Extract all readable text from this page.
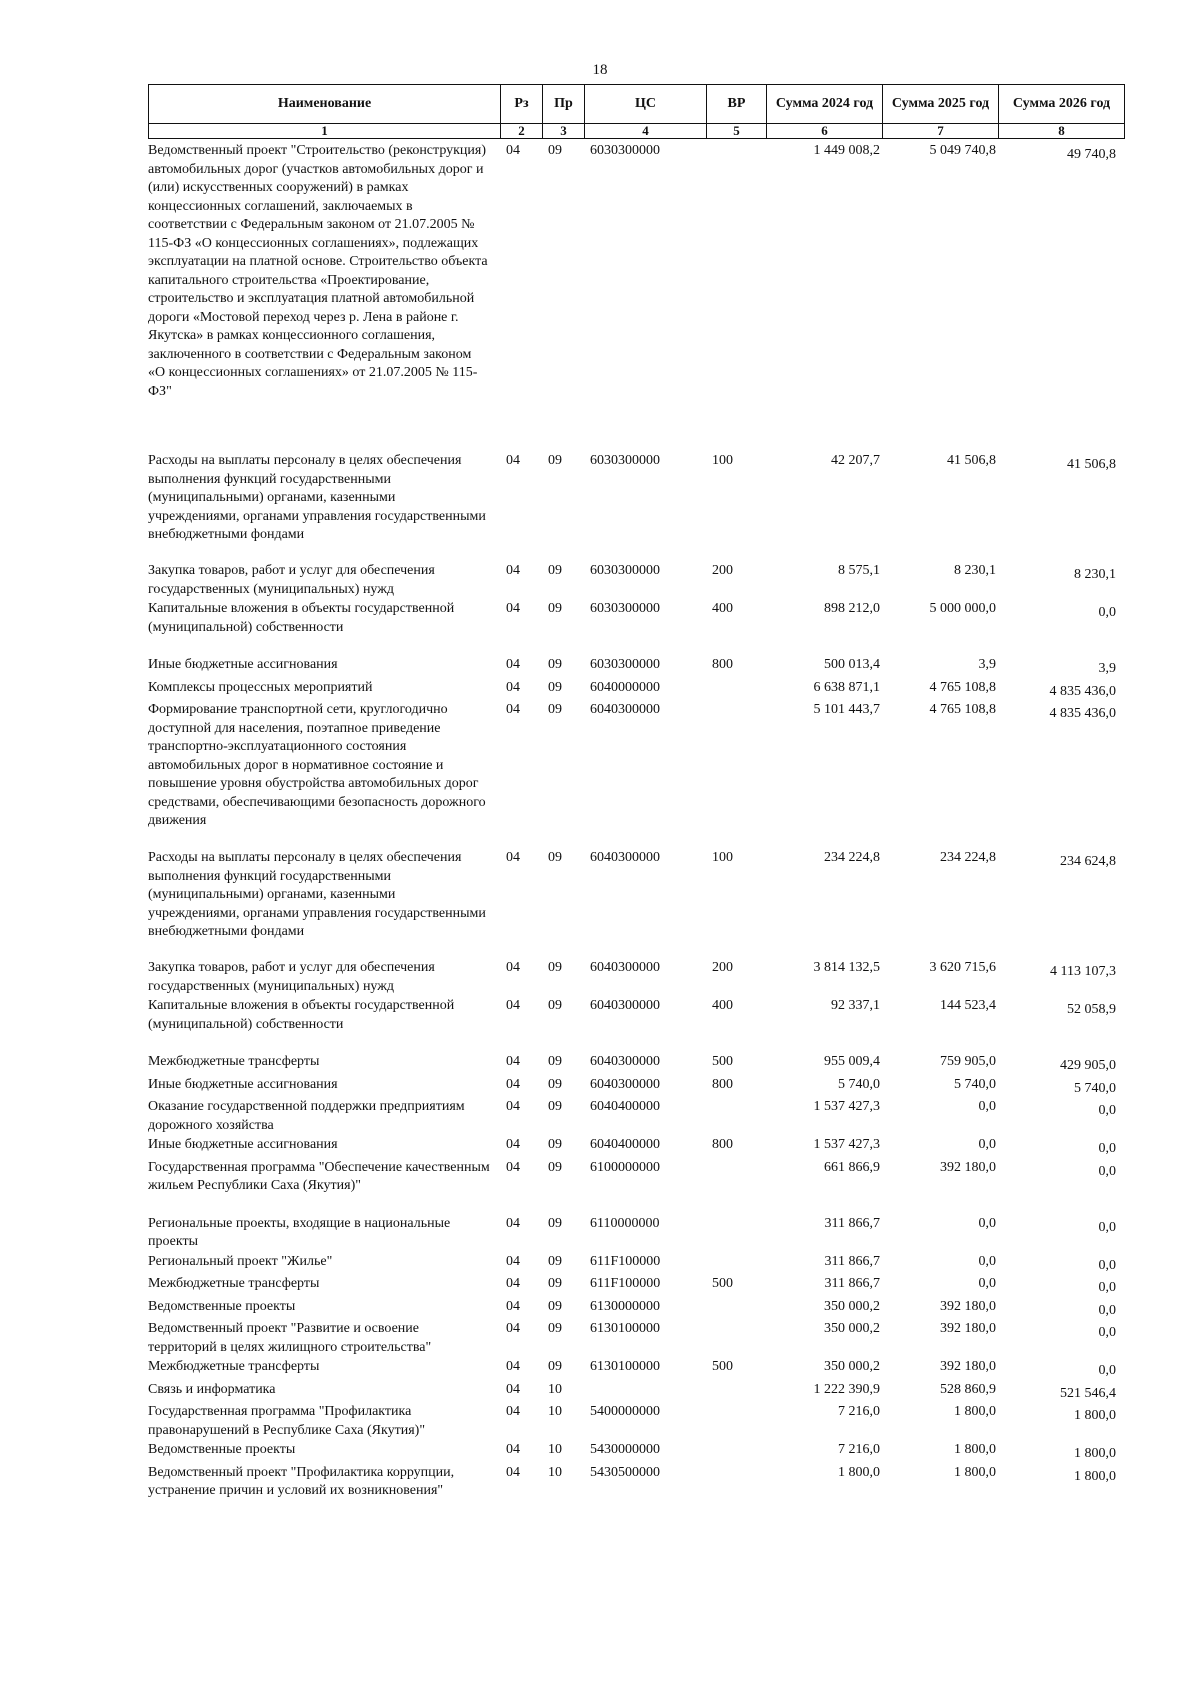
18
Наименование	Рз	Пр	ЦС	ВР	Сумма 2024 год	Сумма 2025 год	Сумма 2026 год
1	2	3	4	5	6	7	8
Ведомственный проект "Строительство (реконструкция) автомобильных дорог (участков автомобильных дорог и (или) искусственных сооружений) в рамках концессионных соглашений, заключаемых в соответствии с Федеральным законом от 21.07.2005 № 115-ФЗ «О концессионных соглашениях», подлежащих эксплуатации на платной основе. Строительство объекта капитального строительства «Проектирование, строительство и эксплуатация платной автомобильной дороги «Мостовой переход через р. Лена в районе г. Якутска» в рамках концессионного соглашения, заключенного в соответствии с Федеральным законом «О концессионных соглашениях» от 21.07.2005 № 115-ФЗ"	04	09	6030300000		1 449 008,2	5 049 740,8	49 740,8
Расходы на выплаты персоналу в целях обеспечения выполнения функций государственными (муниципальными) органами, казенными учреждениями, органами управления государственными внебюджетными фондами	04	09	6030300000	100	42 207,7	41 506,8	41 506,8
Закупка товаров, работ и услуг для обеспечения государственных (муниципальных) нужд	04	09	6030300000	200	8 575,1	8 230,1	8 230,1
Капитальные вложения в объекты государственной (муниципальной) собственности	04	09	6030300000	400	898 212,0	5 000 000,0	0,0
Иные бюджетные ассигнования	04	09	6030300000	800	500 013,4	3,9	3,9
Комплексы процессных мероприятий	04	09	6040000000		6 638 871,1	4 765 108,8	4 835 436,0
Формирование транспортной сети, круглогодично доступной для населения, поэтапное приведение транспортно-эксплуатационного состояния автомобильных дорог в нормативное состояние и повышение уровня обустройства автомобильных дорог средствами, обеспечивающими безопасность дорожного движения	04	09	6040300000		5 101 443,7	4 765 108,8	4 835 436,0
Расходы на выплаты персоналу в целях обеспечения выполнения функций государственными (муниципальными) органами, казенными учреждениями, органами управления государственными внебюджетными фондами	04	09	6040300000	100	234 224,8	234 224,8	234 624,8
Закупка товаров, работ и услуг для обеспечения государственных (муниципальных) нужд	04	09	6040300000	200	3 814 132,5	3 620 715,6	4 113 107,3
Капитальные вложения в объекты государственной (муниципальной) собственности	04	09	6040300000	400	92 337,1	144 523,4	52 058,9
Межбюджетные трансферты	04	09	6040300000	500	955 009,4	759 905,0	429 905,0
Иные бюджетные ассигнования	04	09	6040300000	800	5 740,0	5 740,0	5 740,0
Оказание государственной поддержки предприятиям дорожного хозяйства	04	09	6040400000		1 537 427,3	0,0	0,0
Иные бюджетные ассигнования	04	09	6040400000	800	1 537 427,3	0,0	0,0
Государственная программа "Обеспечение качественным жильем Республики Саха (Якутия)"	04	09	6100000000		661 866,9	392 180,0	0,0
Региональные проекты, входящие в национальные проекты	04	09	6110000000		311 866,7	0,0	0,0
Региональный проект "Жилье"	04	09	611F100000		311 866,7	0,0	0,0
Межбюджетные трансферты	04	09	611F100000	500	311 866,7	0,0	0,0
Ведомственные проекты	04	09	6130000000		350 000,2	392 180,0	0,0
Ведомственный проект "Развитие и освоение территорий в целях жилищного строительства"	04	09	6130100000		350 000,2	392 180,0	0,0
Межбюджетные трансферты	04	09	6130100000	500	350 000,2	392 180,0	0,0
Связь и информатика	04	10			1 222 390,9	528 860,9	521 546,4
Государственная программа "Профилактика правонарушений в Республике Саха (Якутия)"	04	10	5400000000		7 216,0	1 800,0	1 800,0
Ведомственные проекты	04	10	5430000000		7 216,0	1 800,0	1 800,0
Ведомственный проект "Профилактика коррупции, устранение причин и условий их возникновения"	04	10	5430500000		1 800,0	1 800,0	1 800,0
